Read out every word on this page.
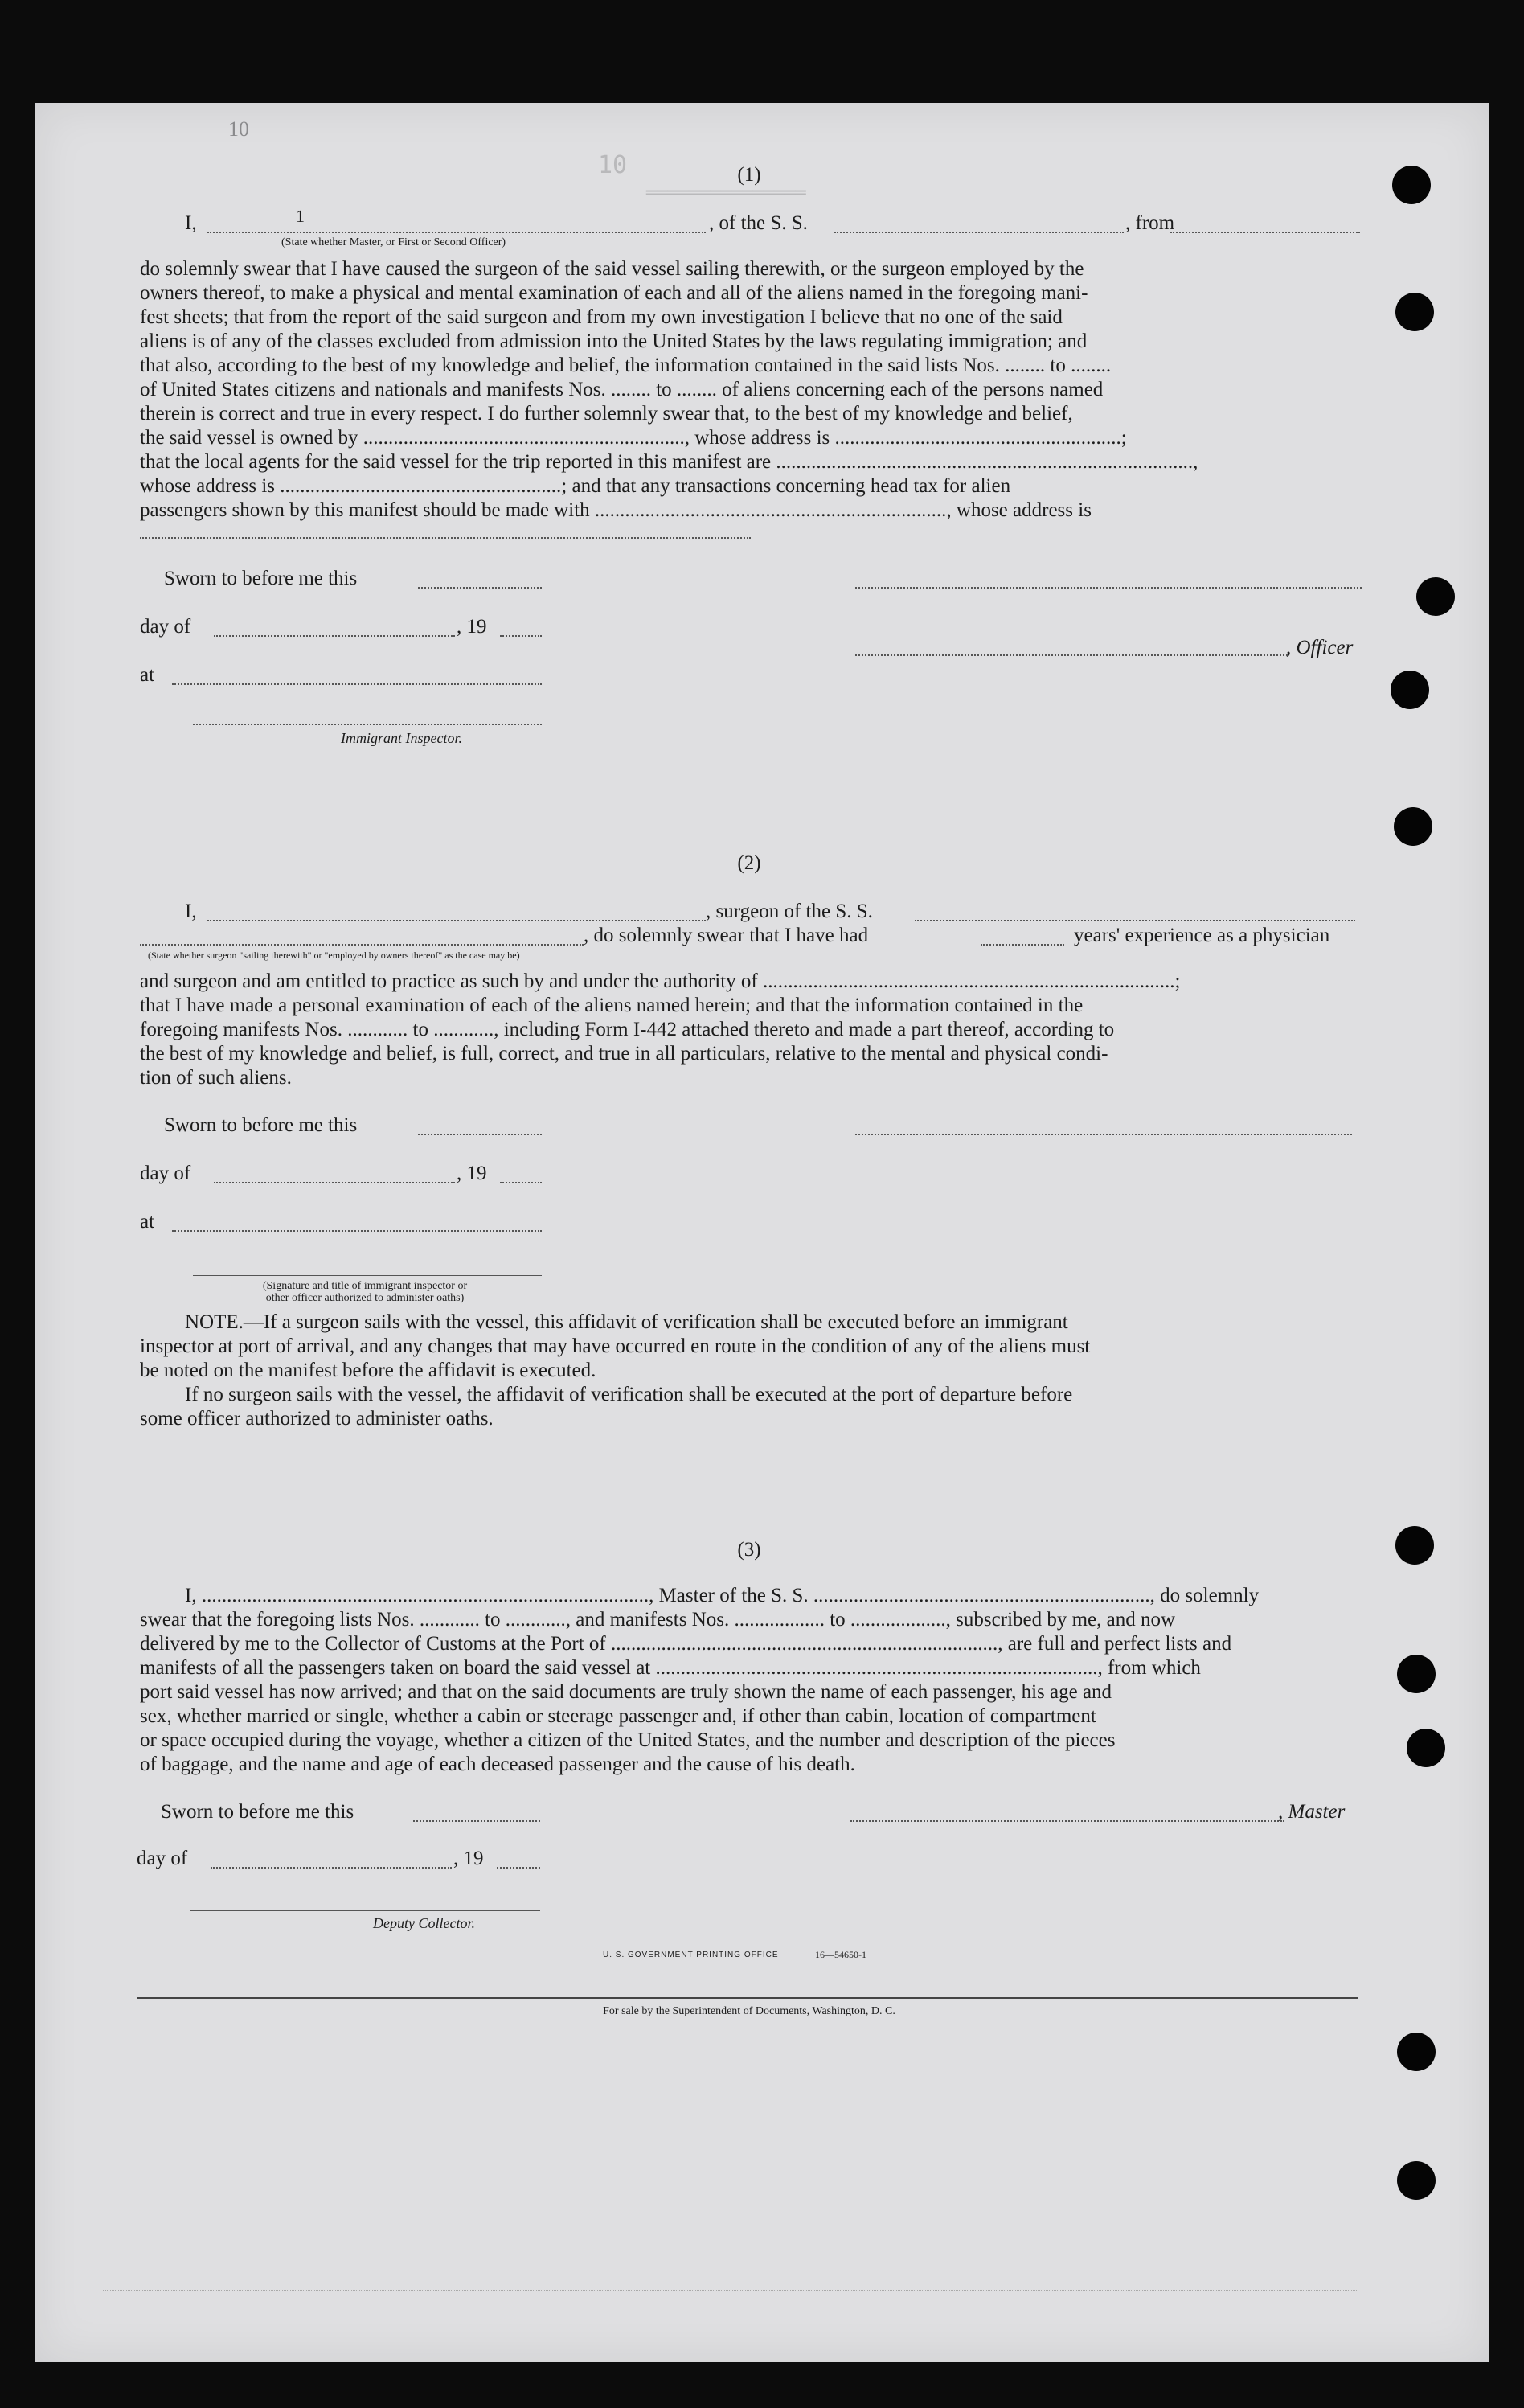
10
═══════════════
10
(1)
I,	1	, of the S. S.	, from
(State whether Master, or First or Second Officer)

do solemnly swear that I have caused the surgeon of the said vessel sailing therewith, or the surgeon employed by the

owners thereof, to make a physical and mental examination of each and all of the aliens named in the foregoing mani-

fest sheets; that from the report of the said surgeon and from my own investigation I believe that no one of the said

aliens is of any of the classes excluded from admission into the United States by the laws regulating immigration; and

that also, according to the best of my knowledge and belief, the information contained in the said lists Nos. ........ to ........

of United States citizens and nationals and manifests Nos. ........ to ........ of aliens concerning each of the persons named

therein is correct and true in every respect. I do further solemnly swear that, to the best of my knowledge and belief,

the said vessel is owned by ................................................................, whose address is .........................................................;

that the local agents for the said vessel for the trip reported in this manifest are ...................................................................................,

whose address is ........................................................; and that any transactions concerning head tax for alien

passengers shown by this manifest should be made with ......................................................................, whose address is

Sworn to before me this
day of	, 19
, Officer
at
Immigrant Inspector.
(2)
I,	, surgeon of the S. S.
, do solemnly swear that I have had	years' experience as a physician
(State whether surgeon "sailing therewith" or "employed by owners thereof" as the case may be)

and surgeon and am entitled to practice as such by and under the authority of ..................................................................................;

that I have made a personal examination of each of the aliens named herein; and that the information contained in the

foregoing manifests Nos. ............ to ............, including Form I-442 attached thereto and made a part thereof, according to

the best of my knowledge and belief, is full, correct, and true in all particulars, relative to the mental and physical condi-

tion of such aliens.

Sworn to before me this
day of	, 19
at
(Signature and title of immigrant inspector or
other officer authorized to administer oaths)

NOTE.—If a surgeon sails with the vessel, this affidavit of verification shall be executed before an immigrant

inspector at port of arrival, and any changes that may have occurred en route in the condition of any of the aliens must

be noted on the manifest before the affidavit is executed.

If no surgeon sails with the vessel, the affidavit of verification shall be executed at the port of departure before

some officer authorized to administer oaths.

(3)

I, ........................................................................................., Master of the S. S. ..................................................................., do solemnly

swear that the foregoing lists Nos. ............ to ............, and manifests Nos. .................. to ..................., subscribed by me, and now

delivered by me to the Collector of Customs at the Port of ............................................................................., are full and perfect lists and

manifests of all the passengers taken on board the said vessel at ........................................................................................, from which

port said vessel has now arrived; and that on the said documents are truly shown the name of each passenger, his age and

sex, whether married or single, whether a cabin or steerage passenger and, if other than cabin, location of compartment

or space occupied during the voyage, whether a citizen of the United States, and the number and description of the pieces

of baggage, and the name and age of each deceased passenger and the cause of his death.

Sworn to before me this	, Master
day of	, 19
Deputy Collector.
U. S. GOVERNMENT PRINTING OFFICE	16—54650-1
For sale by the Superintendent of Documents, Washington, D. C.
